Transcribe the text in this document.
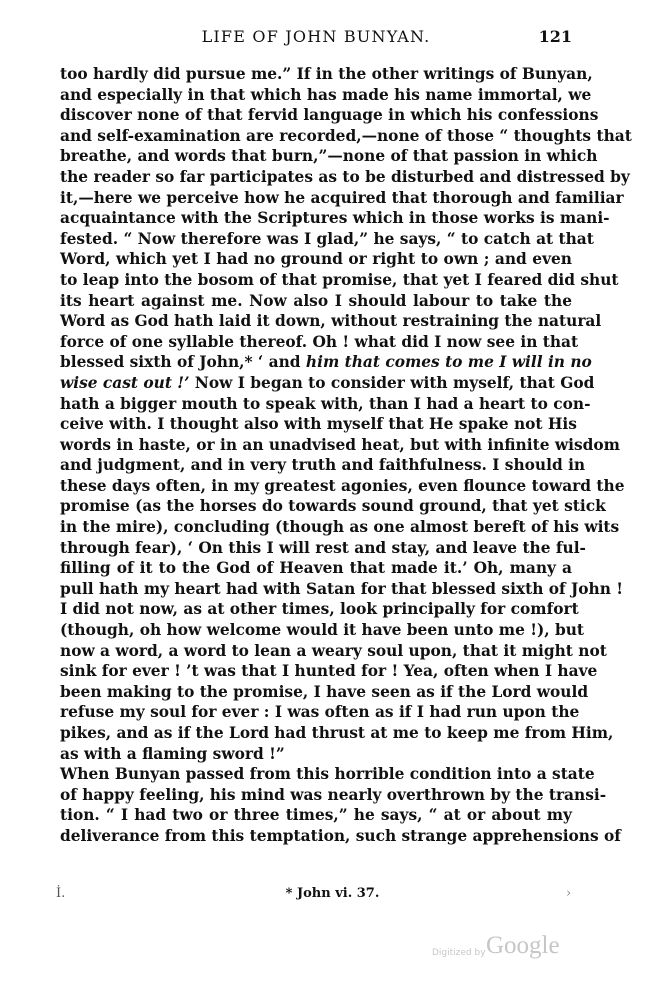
LIFE OF JOHN BUNYAN.	121
too hardly did pursue me.” If in the other writings of Bunyan,
and especially in that which has made his name immortal, we
discover none of that fervid language in which his confessions
and self-examination are recorded,—none of those “ thoughts that
breathe, and words that burn,”—none of that passion in which
the reader so far participates as to be disturbed and distressed by
it,—here we perceive how he acquired that thorough and familiar
acquaintance with the Scriptures which in those works is mani-
fested. “ Now therefore was I glad,” he says, “ to catch at that
Word, which yet I had no ground or right to own ; and even
to leap into the bosom of that promise, that yet I feared did shut
its heart against me. Now also I should labour to take the
Word as God hath laid it down, without restraining the natural
force of one syllable thereof. Oh ! what did I now see in that
blessed sixth of John,* ‘ and him that comes to me I will in no
wise cast out !’ Now I began to consider with myself, that God
hath a bigger mouth to speak with, than I had a heart to con-
ceive with. I thought also with myself that He spake not His
words in haste, or in an unadvised heat, but with infinite wisdom
and judgment, and in very truth and faithfulness. I should in
these days often, in my greatest agonies, even flounce toward the
promise (as the horses do towards sound ground, that yet stick
in the mire), concluding (though as one almost bereft of his wits
through fear), ‘ On this I will rest and stay, and leave the ful-
filling of it to the God of Heaven that made it.’ Oh, many a
pull hath my heart had with Satan for that blessed sixth of John !
I did not now, as at other times, look principally for comfort
(though, oh how welcome would it have been unto me !), but
now a word, a word to lean a weary soul upon, that it might not
sink for ever ! ’t was that I hunted for ! Yea, often when I have
been making to the promise, I have seen as if the Lord would
refuse my soul for ever : I was often as if I had run upon the
pikes, and as if the Lord had thrust at me to keep me from Him,
as with a flaming sword !”
When Bunyan passed from this horrible condition into a state
of happy feeling, his mind was nearly overthrown by the transi-
tion. “ I had two or three times,” he says, “ at or about my
deliverance from this temptation, such strange apprehensions of
İ.	* John vi. 37.	›
Digitized by Google
